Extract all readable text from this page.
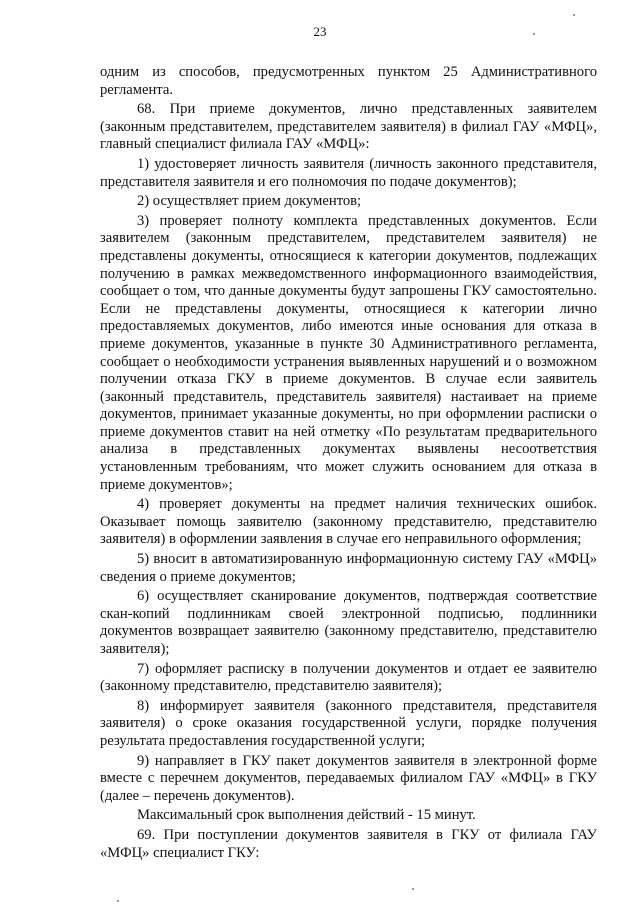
23

одним из способов, предусмотренных пунктом 25 Административного регламента.

68. При приеме документов, лично представленных заявителем (законным представителем, представителем заявителя) в филиал ГАУ «МФЦ», главный специалист филиала ГАУ «МФЦ»:

1) удостоверяет личность заявителя (личность законного представителя, представителя заявителя и его полномочия по подаче документов);

2) осуществляет прием документов;

3) проверяет полноту комплекта представленных документов. Если заявителем (законным представителем, представителем заявителя) не представлены документы, относящиеся к категории документов, подлежащих получению в рамках межведомственного информационного взаимодействия, сообщает о том, что данные документы будут запрошены ГКУ самостоятельно. Если не представлены документы, относящиеся к категории лично предоставляемых документов, либо имеются иные основания для отказа в приеме документов, указанные в пункте 30 Административного регламента, сообщает о необходимости устранения выявленных нарушений и о возможном получении отказа ГКУ в приеме документов. В случае если заявитель (законный представитель, представитель заявителя) настаивает на приеме документов, принимает указанные документы, но при оформлении расписки о приеме документов ставит на ней отметку «По результатам предварительного анализа в представленных документах выявлены несоответствия установленным требованиям, что может служить основанием для отказа в приеме документов»;

4) проверяет документы на предмет наличия технических ошибок. Оказывает помощь заявителю (законному представителю, представителю заявителя) в оформлении заявления в случае его неправильного оформления;

5) вносит в автоматизированную информационную систему ГАУ «МФЦ» сведения о приеме документов;

6) осуществляет сканирование документов, подтверждая соответствие скан-копий подлинникам своей электронной подписью, подлинники документов возвращает заявителю (законному представителю, представителю заявителя);

7) оформляет расписку в получении документов и отдает ее заявителю (законному представителю, представителю заявителя);

8) информирует заявителя (законного представителя, представителя заявителя) о сроке оказания государственной услуги, порядке получения результата предоставления государственной услуги;

9) направляет в ГКУ пакет документов заявителя в электронной форме вместе с перечнем документов, передаваемых филиалом ГАУ «МФЦ» в ГКУ (далее – перечень документов).

Максимальный срок выполнения действий - 15 минут.

69. При поступлении документов заявителя в ГКУ от филиала ГАУ «МФЦ» специалист ГКУ:
